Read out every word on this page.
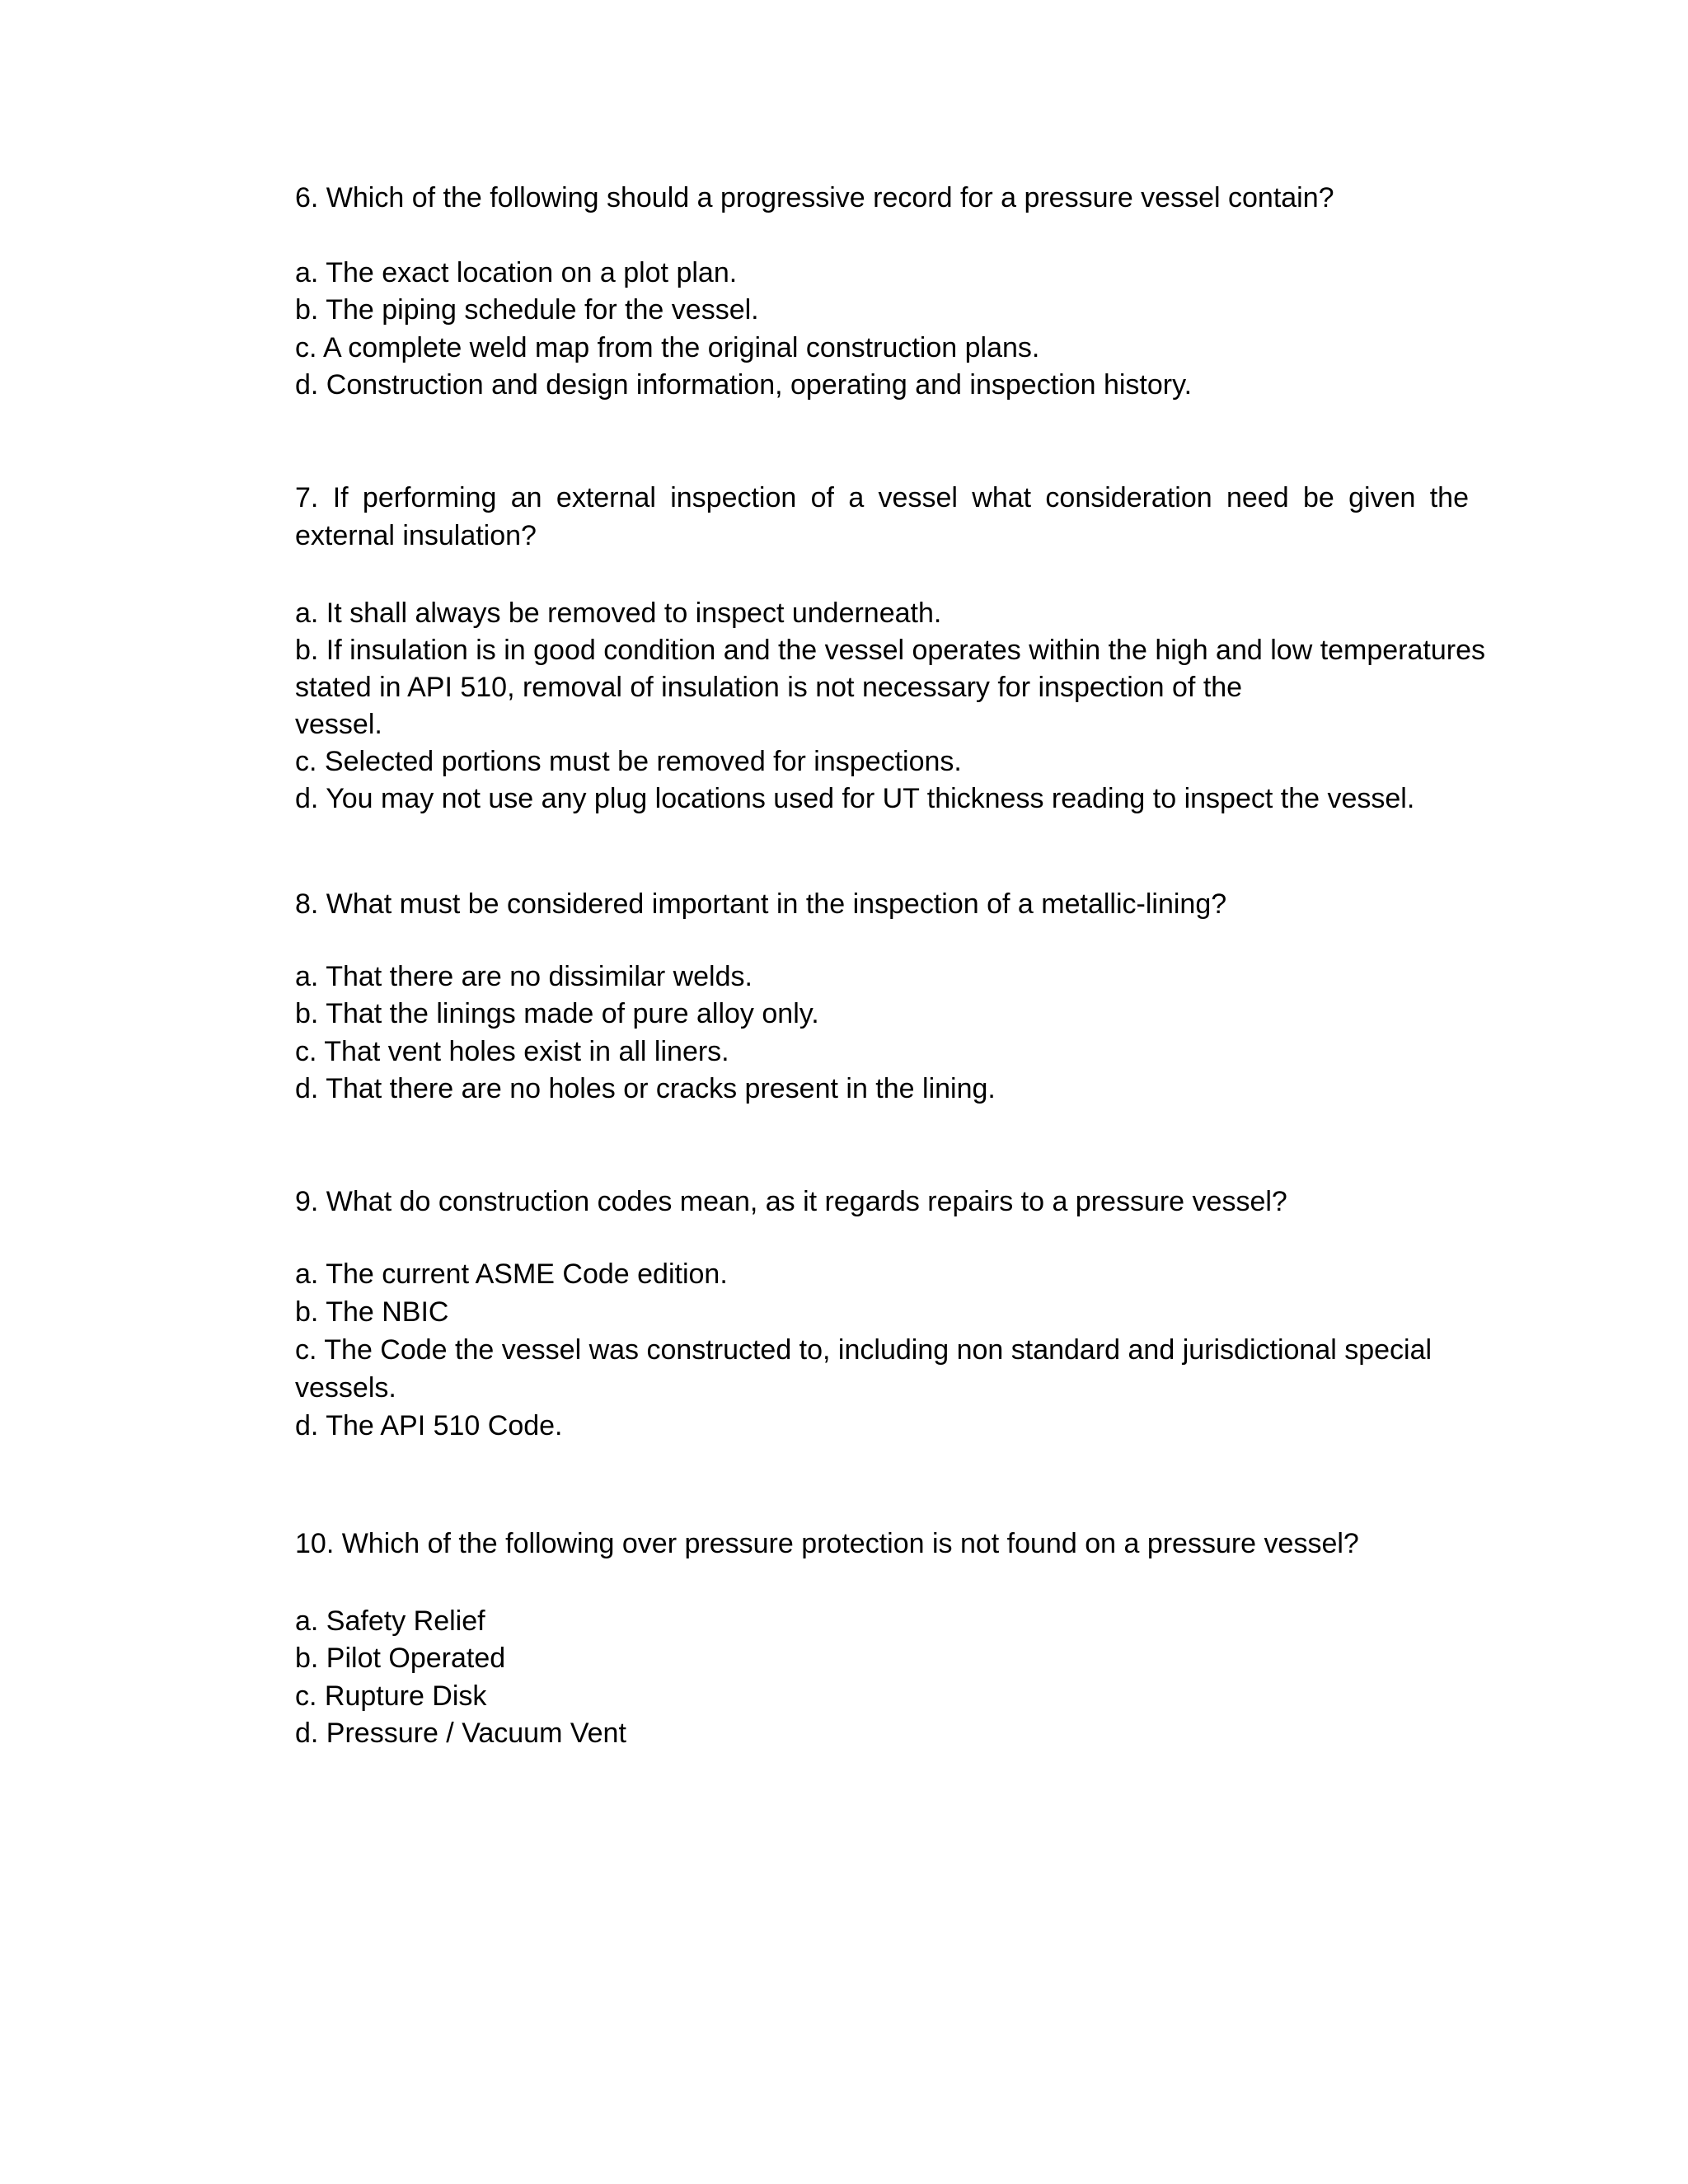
6. Which of the following should a progressive record for a pressure vessel contain?
a. The exact location on a plot plan.
b. The piping schedule for the vessel.
c. A complete weld map from the original construction plans.
d. Construction and design information, operating and inspection history.
7. If performing an external inspection of a vessel what consideration need be given the external insulation?
a. It shall always be removed to inspect underneath.
b. If insulation is in good condition and the vessel operates within the high and low temperatures
stated in API 510, removal of insulation is not necessary for inspection of the
vessel.
c. Selected portions must be removed for inspections.
d. You may not use any plug locations used for UT thickness reading to inspect the vessel.
8. What must be considered important in the inspection of a metallic-lining?
a. That there are no dissimilar welds.
b. That the linings made of pure alloy only.
c. That vent holes exist in all liners.
d. That there are no holes or cracks present in the lining.
9. What do construction codes mean, as it regards repairs to a pressure vessel?
a. The current ASME Code edition.
b. The NBIC
c. The Code the vessel was constructed to, including non standard and jurisdictional special
vessels.
d. The API 510 Code.
10. Which of the following over pressure protection is not found on a pressure vessel?
a. Safety Relief
b. Pilot Operated
c. Rupture Disk
d. Pressure / Vacuum Vent
